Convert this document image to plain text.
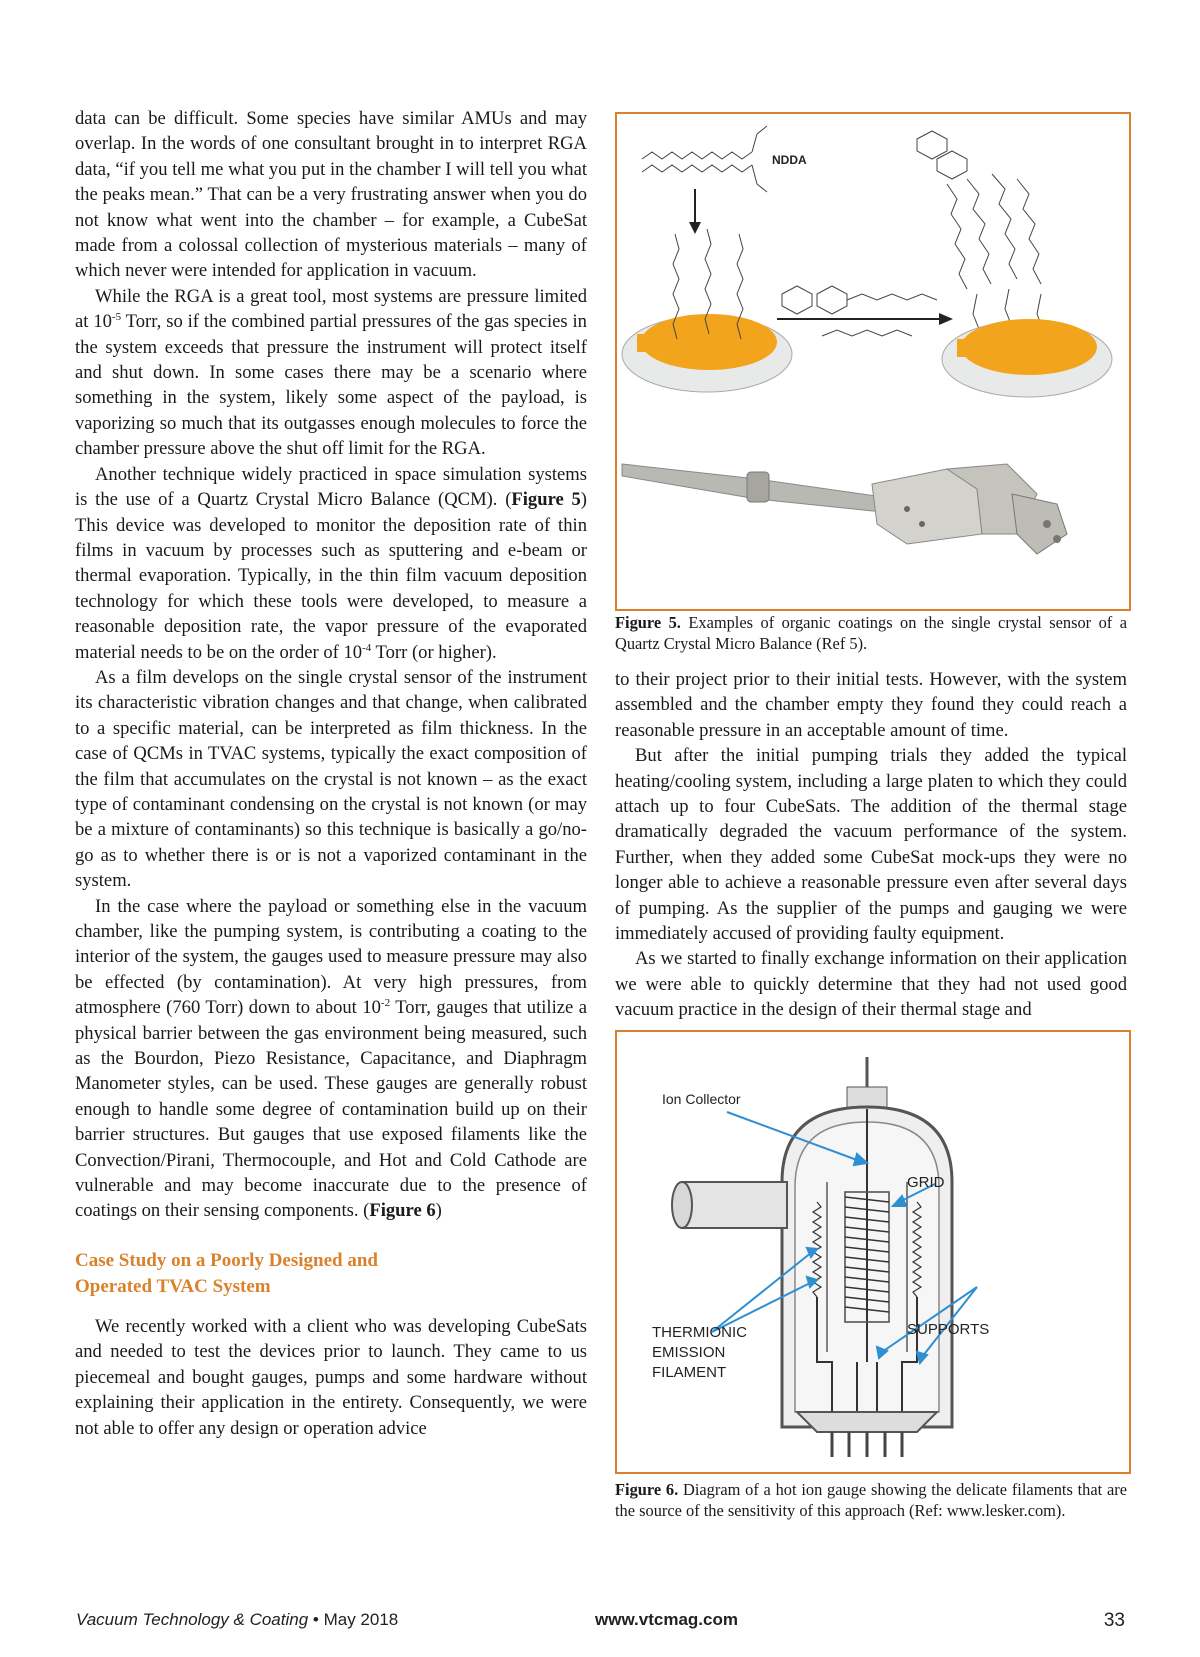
data can be difficult. Some species have similar AMUs and may overlap. In the words of one consultant brought in to interpret RGA data, “if you tell me what you put in the chamber I will tell you what the peaks mean.” That can be a very frustrating answer when you do not know what went into the chamber – for example, a CubeSat made from a colossal collection of mysterious materials – many of which never were intended for application in vacuum.

While the RGA is a great tool, most systems are pressure limited at $10^{-5}$ Torr, so if the combined partial pressures of the gas species in the system exceeds that pressure the instrument will protect itself and shut down. In some cases there may be a scenario where something in the system, likely some aspect of the payload, is vaporizing so much that its outgasses enough molecules to force the chamber pressure above the shut off limit for the RGA.

Another technique widely practiced in space simulation systems is the use of a Quartz Crystal Micro Balance (QCM). (Figure 5) This device was developed to monitor the deposition rate of thin films in vacuum by processes such as sputtering and e-beam or thermal evaporation. Typically, in the thin film vacuum deposition technology for which these tools were developed, to measure a reasonable deposition rate, the vapor pressure of the evaporated material needs to be on the order of $10^{-4}$ Torr (or higher).

As a film develops on the single crystal sensor of the instrument its characteristic vibration changes and that change, when calibrated to a specific material, can be interpreted as film thickness. In the case of QCMs in TVAC systems, typically the exact composition of the film that accumulates on the crystal is not known – as the exact type of contaminant condensing on the crystal is not known (or may be a mixture of contaminants) so this technique is basically a go/no-go as to whether there is or is not a vaporized contaminant in the system.

In the case where the payload or something else in the vacuum chamber, like the pumping system, is contributing a coating to the interior of the system, the gauges used to measure pressure may also be effected (by contamination). At very high pressures, from atmosphere (760 Torr) down to about $10^{-2}$ Torr, gauges that utilize a physical barrier between the gas environment being measured, such as the Bourdon, Piezo Resistance, Capacitance, and Diaphragm Manometer styles, can be used. These gauges are generally robust enough to handle some degree of contamination build up on their barrier structures. But gauges that use exposed filaments like the Convection/Pirani, Thermocouple, and Hot and Cold Cathode are vulnerable and may become inaccurate due to the presence of coatings on their sensing components. (Figure 6)

Case Study on a Poorly Designed and
Operated TVAC System

We recently worked with a client who was developing CubeSats and needed to test the devices prior to launch. They came to us piecemeal and bought gauges, pumps and some hardware without explaining their application in the entirety. Consequently, we were not able to offer any design or operation advice

NDDA
Figure 5. Examples of organic coatings on the single crystal sensor of a Quartz Crystal Micro Balance (Ref 5).

to their project prior to their initial tests. However, with the system assembled and the chamber empty they found they could reach a reasonable pressure in an acceptable amount of time.

But after the initial pumping trials they added the typical heating/cooling system, including a large platen to which they could attach up to four CubeSats. The addition of the thermal stage dramatically degraded the vacuum performance of the system. Further, when they added some CubeSat mock-ups they were no longer able to achieve a reasonable pressure even after several days of pumping. As the supplier of the pumps and gauging we were immediately accused of providing faulty equipment.

As we started to finally exchange information on their application we were able to quickly determine that they had not used good vacuum practice in the design of their thermal stage and

Ion Collector
GRID
THERMIONIC
EMISSION
FILAMENT
SUPPORTS
Figure 6. Diagram of a hot ion gauge showing the delicate filaments that are the source of the sensitivity of this approach (Ref: www.lesker.com).
Vacuum Technology & Coating • May 2018	www.vtcmag.com	33
